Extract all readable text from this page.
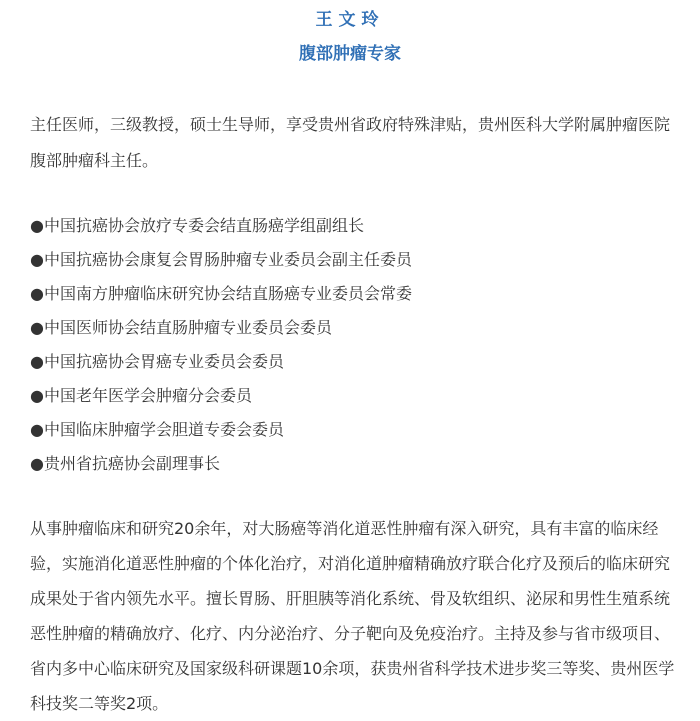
王文玲
腹部肿瘤专家

主任医师，三级教授，硕士生导师，享受贵州省政府特殊津贴，贵州医科大学附属肿瘤医院腹部肿瘤科主任。

●中国抗癌协会放疗专委会结直肠癌学组副组长
●中国抗癌协会康复会胃肠肿瘤专业委员会副主任委员
●中国南方肿瘤临床研究协会结直肠癌专业委员会常委
●中国医师协会结直肠肿瘤专业委员会委员
●中国抗癌协会胃癌专业委员会委员
●中国老年医学会肿瘤分会委员
●中国临床肿瘤学会胆道专委会委员
●贵州省抗癌协会副理事长

从事肿瘤临床和研究20余年，对大肠癌等消化道恶性肿瘤有深入研究，具有丰富的临床经验，实施消化道恶性肿瘤的个体化治疗，对消化道肿瘤精确放疗联合化疗及预后的临床研究成果处于省内领先水平。擅长胃肠、肝胆胰等消化系统、骨及软组织、泌尿和男性生殖系统恶性肿瘤的精确放疗、化疗、内分泌治疗、分子靶向及免疫治疗。主持及参与省市级项目、省内多中心临床研究及国家级科研课题10余项，获贵州省科学技术进步奖三等奖、贵州医学科技奖二等奖2项。
